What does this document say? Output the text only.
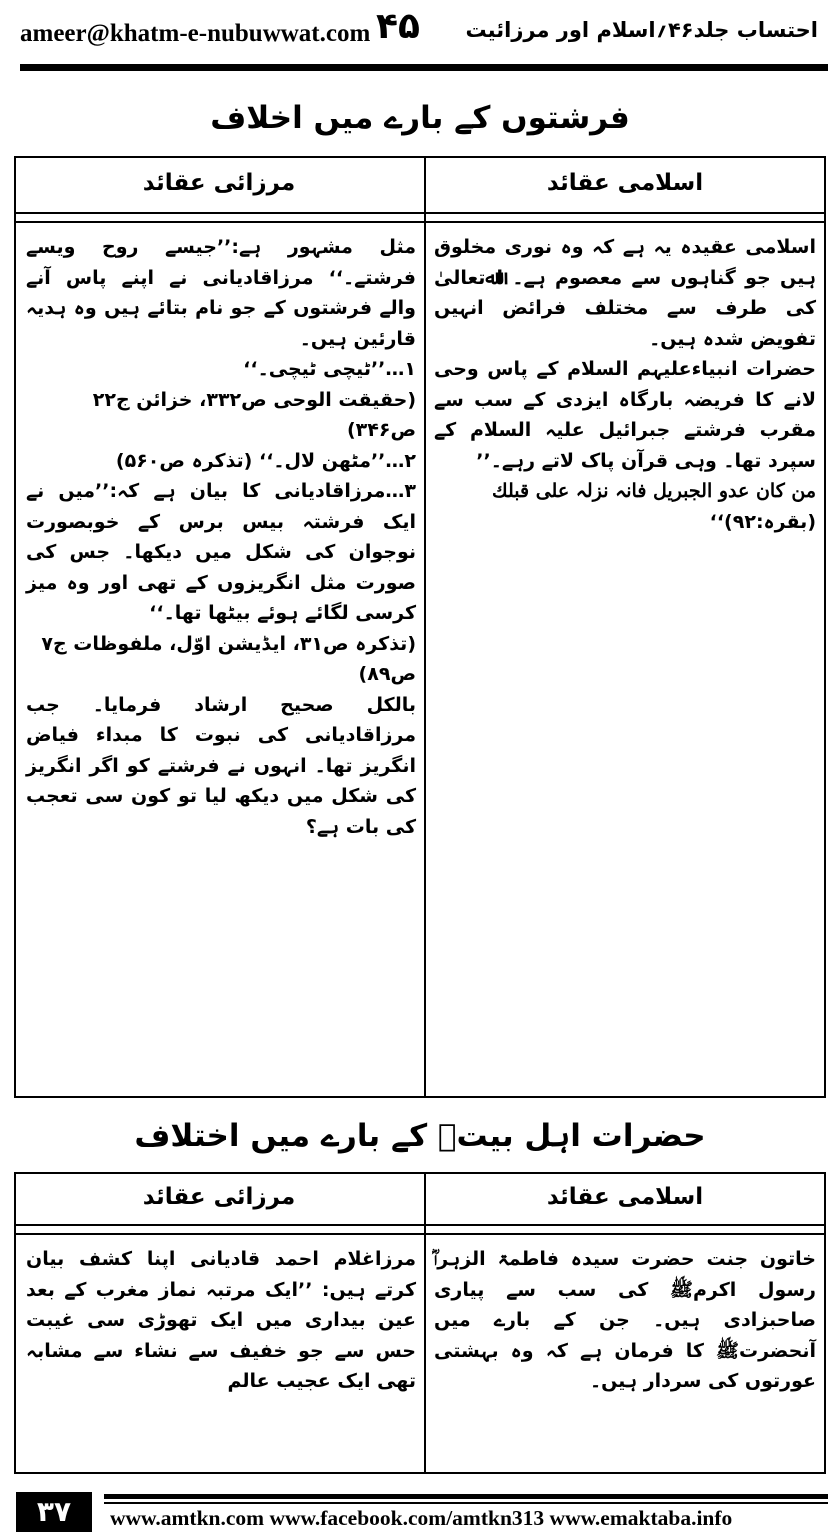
ameer@khatm-e-nubuwwat.com ۴۵ احتساب جلد۴۶؍اسلام اور مرزائیت
فرشتوں کے بارے میں اخلاف
اسلامی عقائد
مرزائی عقائد

اسلامی عقیدہ یہ ہے کہ وہ نوری مخلوق ہیں جو گناہوں سے معصوم ہے۔ اﷲتعالیٰ کی طرف سے مختلف فرائض انہیں تفویض شدہ ہیں۔

حضرات انبیاءعلیہم السلام کے پاس وحی لانے کا فریضہ بارگاہ ایزدی کے سب سے مقرب فرشتے جبرائیل علیہ السلام کے سپرد تھا۔ وہی قرآن پاک لاتے رہے۔’’

من کان عدو الجبریل فانہ نزلہ علی قبلك

(بقرہ:۹۲)‘‘

مثل مشہور ہے:’’جیسے روح ویسے فرشتے۔‘‘ مرزاقادیانی نے اپنے پاس آنے والے فرشتوں کے جو نام بتائے ہیں وہ ہدیہ قارئین ہیں۔

۱…’’ٹیچی ٹیچی۔‘‘

(حقیقت الوحی ص۳۳۲، خزائن ج۲۲ ص۳۴۶)

۲…’’مٹھن لال۔‘‘ (تذکرہ ص۵۶۰)

۳…مرزاقادیانی کا بیان ہے کہ:’’میں نے ایک فرشتہ بیس برس کے خوبصورت نوجوان کی شکل میں دیکھا۔ جس کی صورت مثل انگریزوں کے تھی اور وہ میز کرسی لگائے ہوئے بیٹھا تھا۔‘‘

(تذکرہ ص۳۱، ایڈیشن اوّل، ملفوظات ج۷ ص۸۹)

بالکل صحیح ارشاد فرمایا۔ جب مرزاقادیانی کی نبوت کا مبداء فیاض انگریز تھا۔ انہوں نے فرشتے کو اگر انگریز کی شکل میں دیکھ لیا تو کون سی تعجب کی بات ہے؟

حضرات اہل بیتؓ کے بارے میں اختلاف
اسلامی عقائد
مرزائی عقائد

خاتون جنت حضرت سیدہ فاطمۃ الزہراؓ رسول اکرمﷺ کی سب سے پیاری صاحبزادی ہیں۔ جن کے بارے میں آنحضرتﷺ کا فرمان ہے کہ وہ بہشتی عورتوں کی سردار ہیں۔

مرزاغلام احمد قادیانی اپنا کشف بیان کرتے ہیں: ’’ایک مرتبہ نماز مغرب کے بعد عین بیداری میں ایک تھوڑی سی غیبت حس سے جو خفیف سے نشاء سے مشابہ تھی ایک عجیب عالم

۳۷	www.amtkn.com www.facebook.com/amtkn313 www.emaktaba.info
